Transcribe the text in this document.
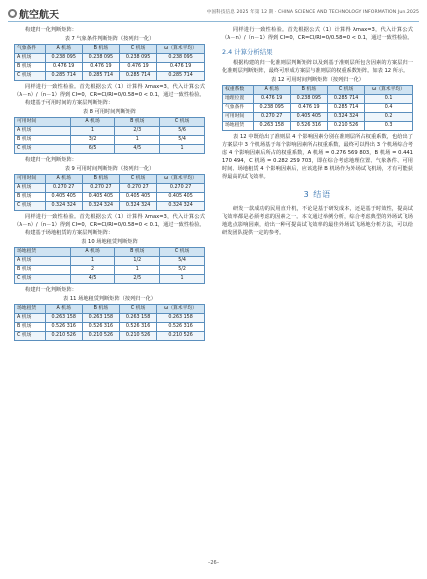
航空航天	中国科技信息 2025 年第 12 期 · CHINA SCIENCE AND TECHNOLOGY INFORMATION Jun.2025

构建归一化判断矩阵：

表 7 气象条件判断矩阵（按列归一化）
气象条件	A 机场	B 机场	C 机场	ω（算术平均）
A 机场	0.238 095	0.238 095	0.238 095	0.238 095
B 机场	0.476 19	0.476 19	0.476 19	0.476 19
C 机场	0.285 714	0.285 714	0.285 714	0.285 714

同样进行一致性检验。首先根据公式（1）计算得 λmax=3，代入计算公式（λ－n）/（n－1）得到 CI=0，CR=CI/RI=0/0.58=0 < 0.1，通过一致性检验。

构建基于可用时间的方案层判断矩阵：

表 8 可用时间判断矩阵
可用时间	A 机场	B 机场	C 机场
A 机场	1	2/3	5/6
B 机场	3/2	1	5/4
C 机场	6/5	4/5	1

构建归一化判断矩阵：

表 9 可用时间判断矩阵（按列归一化）
可用时间	A 机场	B 机场	C 机场	ω（算术平均）
A 机场	0.270 27	0.270 27	0.270 27	0.270 27
B 机场	0.405 405	0.405 405	0.405 405	0.405 405
C 机场	0.324 324	0.324 324	0.324 324	0.324 324

同样进行一致性检验。首先根据公式（1）计算得 λmax=3，代入计算公式（λ－n）/（n－1）得到 CI=0，CR=CI/RI=0/0.58=0 < 0.1，通过一致性检验。

构建基于场地租赁的方案层判断矩阵：

表 10 场地租赁判断矩阵
场地租赁	A 机场	B 机场	C 机场
A 机场	1	1/2	5/4
B 机场	2	1	5/2
C 机场	4/5	2/5	1

构建归一化判断矩阵：

表 11 场地租赁判断矩阵（按列归一化）
场地租赁	A 机场	B 机场	C 机场	ω（算术平均）
A 机场	0.263 158	0.263 158	0.263 158	0.263 158
B 机场	0.526 316	0.526 316	0.526 316	0.526 316
C 机场	0.210 526	0.210 526	0.210 526	0.210 526

同样进行一致性检验。首先根据公式（1）计算得 λmax=3，代入计算公式（λ－n）/（n－1）得到 CI=0，CR=CI/RI=0/0.58=0 < 0.1，通过一致性检验。

2.4 计算分析结果

根据构建的归一化准则层判断矩阵以及到基于准则层所包含因素的方案层归一化准则层判断矩阵，最终可形成方案层与准则层的权重系数矩阵。如表 12 所示。

表 12 可用时间判断矩阵（按列归一化）
权重系数	A 机场	B 机场	C 机场	ω（算术平均）
地理位置	0.476 19	0.238 095	0.285 714	0.1
气象条件	0.238 095	0.476 19	0.285 714	0.4
可用时间	0.270 27	0.405 405	0.324 324	0.2
场地租赁	0.263 158	0.526 316	0.210 526	0.3

表 12 中既给出了准则层 4 个影响因素分别在准则层所占权重系数，也给出了方案层中 3 个机场基于每个影响因素所占权重系数，最终可以得出 3 个机场综合考虑 4 个影响因素后所占的权重系数，A 机场 = 0.276 569 803，B 机场 = 0.441 170 494，C 机场 = 0.282 259 703，即在综合考虑地理位置、气象条件、可用时间、场地租赁 4 个影响因素后，应该选择 B 机场作为外场试飞机场，才有可能获得最高的试飞效率。

3 结语

研发一款成功的民用直升机，不论是基于研发成本，还是基于时效性，提高试飞效率都是必须考虑的因素之一。本文通过举例分析，综合考虑典型的外场试飞场地选点影响因素，给出一种可提高试飞效率的最佳外场试飞场地分析方法，可以给研发团队提供一定的参考。

–26–
